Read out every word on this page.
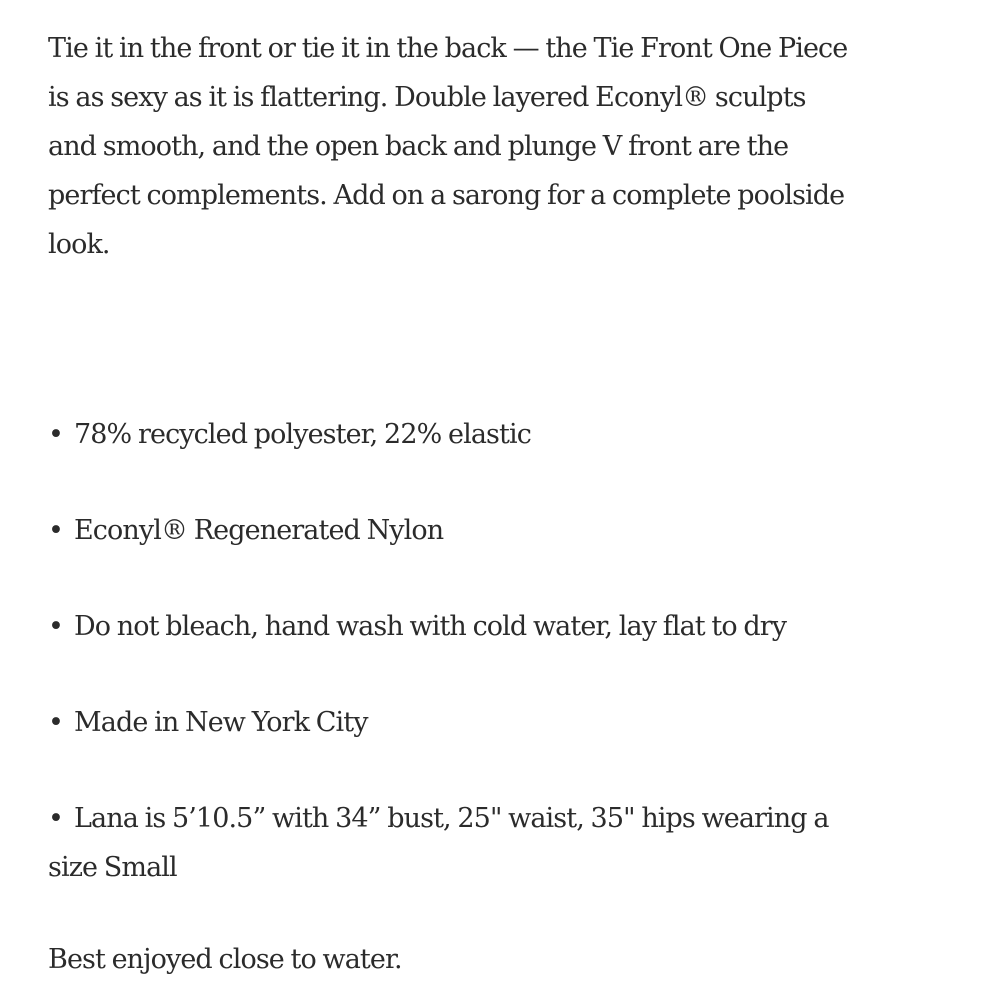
Tie it in the front or tie it in the back — the Tie Front One Piece is as sexy as it is flattering. Double layered Econyl® sculpts and smooth, and the open back and plunge V front are the perfect complements. Add on a sarong for a complete poolside look.

• 78% recycled polyester, 22% elastic
• Econyl® Regenerated Nylon
• Do not bleach, hand wash with cold water, lay flat to dry
• Made in New York City
• Lana is 5’10.5” with 34” bust, 25" waist, 35" hips wearing a size Small

Best enjoyed close to water.
